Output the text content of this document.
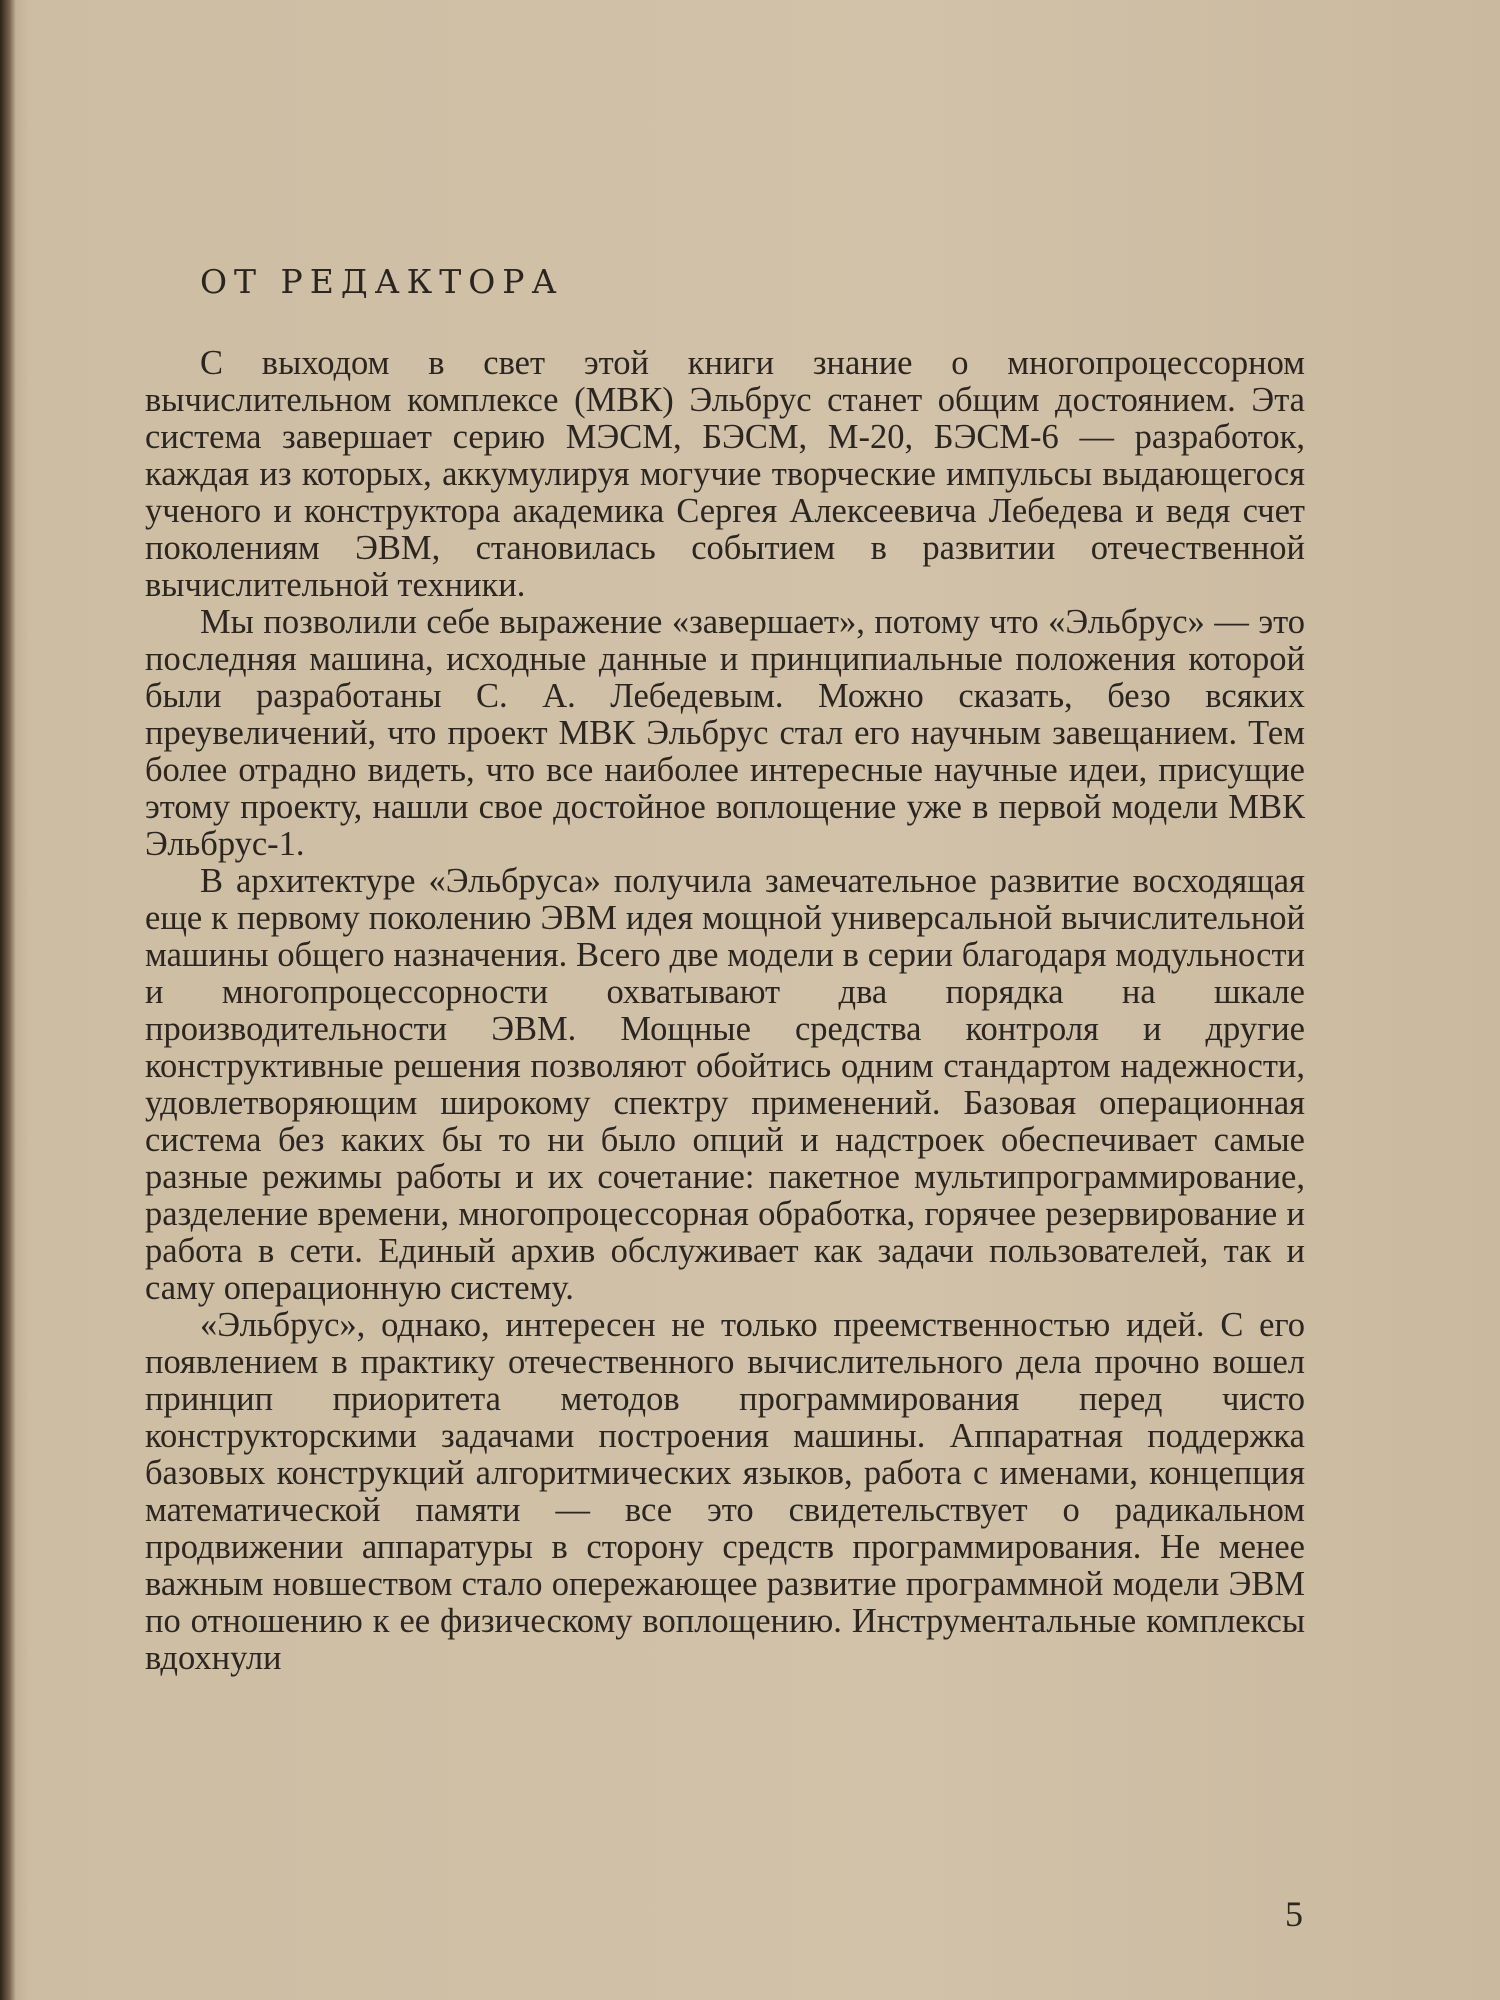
ОТ РЕДАКТОРА

С выходом в свет этой книги знание о многопроцессорном вычислительном комплексе (МВК) Эльбрус станет общим достоянием. Эта система завершает серию МЭСМ, БЭСМ, М-20, БЭСМ-6 — разработок, каждая из которых, аккумулируя могучие творческие импульсы выдающегося ученого и конструктора академика Сергея Алексеевича Лебедева и ведя счет поколениям ЭВМ, становилась событием в развитии отечественной вычислительной техники.

Мы позволили себе выражение «завершает», потому что «Эльбрус» — это последняя машина, исходные данные и принципиальные положения которой были разработаны С. А. Лебедевым. Можно сказать, безо всяких преувеличений, что проект МВК Эльбрус стал его научным завещанием. Тем более отрадно видеть, что все наиболее интересные научные идеи, присущие этому проекту, нашли свое достойное воплощение уже в первой модели МВК Эльбрус-1.

В архитектуре «Эльбруса» получила замечательное развитие восходящая еще к первому поколению ЭВМ идея мощной универсальной вычислительной машины общего назначения. Всего две модели в серии благодаря модульности и многопроцессорности охватывают два порядка на шкале производительности ЭВМ. Мощные средства контроля и другие конструктивные решения позволяют обойтись одним стандартом надежности, удовлетворяющим широкому спектру применений. Базовая операционная система без каких бы то ни было опций и надстроек обеспечивает самые разные режимы работы и их сочетание: пакетное мультипрограммирование, разделение времени, многопроцессорная обработка, горячее резервирование и работа в сети. Единый архив обслуживает как задачи пользователей, так и саму операционную систему.

«Эльбрус», однако, интересен не только преемственностью идей. С его появлением в практику отечественного вычислительного дела прочно вошел принцип приоритета методов программирования перед чисто конструкторскими задачами построения машины. Аппаратная поддержка базовых конструкций алгоритмических языков, работа с именами, концепция математической памяти — все это свидетельствует о радикальном продвижении аппаратуры в сторону средств программирования. Не менее важным новшеством стало опережающее развитие программной модели ЭВМ по отношению к ее физическому воплощению. Инструментальные комплексы вдохнули

5
